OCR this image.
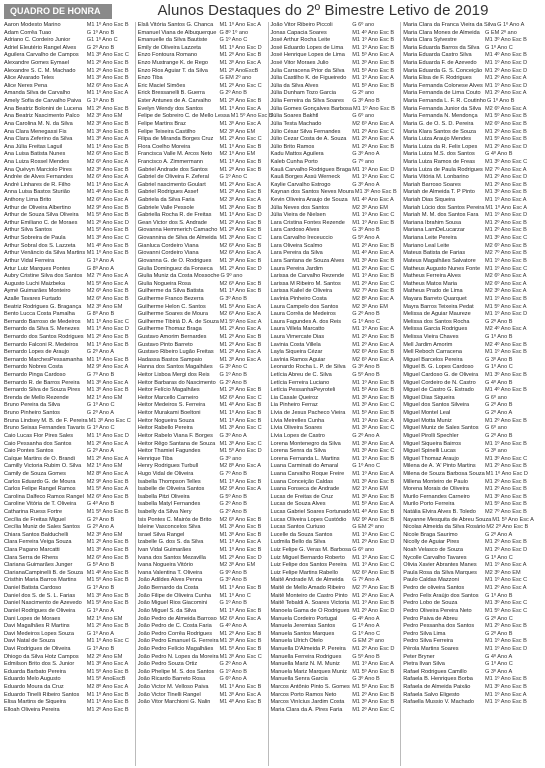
QUADRO DE HONRA	Alunos Destaques do 2º Bimestre Letivo de 2019
Aaron Modesto Marino	M1 1º Ano Esc B
Adam Corrêa Tuao	G 1º Ano B
Adriano C. Cordeiro Junior	G1 1º Ano C
Adriel Eleutério Rangel Alves	G 2º Ano B
Aguilera Carvalho de Campos	M1 3º Ano Esc C
Alexandre Gomes Eymael	M1 2º Ano Esc B
Alexandre S. C. M. Machado	M1 2º Ano Esc B
Alice Alvarado Teles	M1 3º Ano Esc B
Alice Neres Pena	M2 6º Ano Esc A
Amanda Silva de Carvalho	M1 1º Ano Esc A
Amely Sofia de Carvalho Paiva	G 1º Ano B
Ana Beatriz Bolonini de Lucena M1 2º Ano Esc B
Ana Beatriz Nascimento Palco	M2 3º Ano EM
Ana Carolina M. N. da Silva	M2 3º Ano Esc B
Ana Clara Menegassi Fis	M1 3º Ano Esc B
Ana Clara Zeferino da Silva	M1 3º Ano Esc A
Ana Júlia Freitas Laguil	M1 1º Ano Esc B
Ana Luisa Batista Nunes	M2 6º Ano Esc B
Ana Luiza Rossel Mendes	M2 6º Ano Esc A
Ana Quévyn Marciolo Pires	M2 3º Ano Esc B
Andrée de Alves Fernandes	M2 6º Ano Esc A
André Linhares de R. Filho	M1 1º Ano Esc A
Anna Luisa Bastos Sturião	M1 4º Ano Esc B
Anthony Lima Brito	M2 6º Ano Esc A
Arthur de Oliveira Albertino	M2 9º Ano Esc B
Arthur de Souza Silva Oliveira	M1 5º Ano Esc B
Arthur Emiliano C. de Moraes	M1 2º Ano Esc D
Arthur Silva Santos	M1 5º Ano Esc B
Arthur Sobreira de Paula	M1 3º Ano Esc C
Arthur Sobral dos S. Lazzeta	M1 4º Ano Esc B
Arthur Venâncio da Silva Martins M1 1º Ano Esc B
Arthur Vidal Ferreira	G 1º Ano A
Artur Luiz Marques Pontes	G 8º Ano A
Aubry Cristine Silva dos Santos M2 7º Ano Esc A
Augusto Luchi Maizbeka	M1 5º Ano Esc A
Aymé Guimarães Monteiro	M2 6º Ano Esc B
Azalle Tavares Furtado	M2 6º Ano Esc B
Beatriz Rodrigues G. Bragança M2 3º Ano EM
Bento Lucca Costa Pamalha	G 8º Ano B
Bernardo Barroso de Medeiros	M1 1º Ano Esc C
Bernardo da Silva S. Menezes	M1 1º Ano Esc D
Bernardo dos Santos Rodrigues M1 2º Ano Esc B
Bernardo Falconi R. Medeiros	M1 1º Ano Esc B
Bernardo Lopes de Araujo	G 2º Ano A
Bernardo MarchesPessamanha M1 1º Ano Esc B
Bernardo Nobres Costa	M2 9º Ano Esc A
Bernardo Pinga Cardoso	G 7º Ano B
Bernardo R. de Barros Pereira	M1 3º Ano Esc A
Bernardo Silva de Souza Pires	M1 3º Ano Esc B
Brenda de Mello Rezende	M2 1º Ano EM
Bruno Pereira da Silva	G 1º Ano C
Bruno Pinheiro Santos	G 2º Ano A
Bruna Lindsey M. B. de F. Pereira M1 3º Ano Esc C
Bruno Seixas Fernandes Tavaris G 1º Ano C
Caio Lucas Flor Pires Sales	M1 1º Ano Esc D
Caio Pessanha dos Santos	M1 2º Ano Esc A
Caio Pontes Santos	G 2º Ano A
Caíque Martins de O. Brandi	M1 2º Ano Esc A
Camilly Victoria Rubim O. Silva M2 1º Ano EM
Camily de Souza Gomes	M2 8º Ano Esc A
Carlos Eduardo G. de Moura	M2 9º Ano Esc B
Carlos Felipe Rangel Ramos	M1 5º Ano Esc A
Carolina Dalfeco Ramos Rangel M2 6º Ano Esc B
Caroline Vitória de T. Oliveira	G 4º Ano B
Catharina Ruess Fortre	M1 5º Ano Esc B
Cecília de Freitas Miguel	G 2º Ano B
Cecília Muniz de Sales Santos	G 2º Ano A
Chiara Santos Balduchelli	M2 3º Ano EM
Clara Ferreira Veiga Souza	M1 2º Ano Esc B
Clara Pagano Marcatti	M1 3º Ano Esc B
Clara Serra de Rhens	M2 6º Ano Esc B
Clariana Guimarães Junger	G 5º Ano B
ClarianaCampinelli B. de Souza M1 4º Ano Esc B
Cristhin Maria Barros Martins	M1 5º Ano Esc B
Daniel Batista Cardoso	G 1º Ano B
Daniel dos S. de S. L. Farias	M1 3º Ano Esc B
Daniel Nascimento de Azevedo M1 5º Ano Esc B
Daniel Rodrigues de Oliveira	G 1º Ano A
Dani Lopes de Moraes	M2 1º Ano EM
Davi Magalhães R Martins	M1 2º Ano Esc B
Davi Medeiros Lopes Souza	G 1º Ano A
Davi Natal de Souza	M1 1º Ano Esc C
Davi Rodrigues de Oliveira	G 1º Ano B
Dhiogo da Silva Hotz Campos	M2 2º Ano EM
Edmilson Brito dos S. Junior	M1 3º Ano Esc A
Eduarda Barbato Pereira	M1 5º Ano Esc B
Eduardo Melo Augusto	M1 5º AnoEscB
Eduardo Moura da Cruz	M2 8º Ano Esc A
Eduardo Tinelli Ribeiro Santos	M1 1º Ano Esc B
Elisa Martins de Siqueira	M1 1º Ano Esc B
Elloah Oliveira Pereira	M1 2º Ano Esc B
Elsã Vitória Santos G. Chanca	M1 1º Ano Esc A
Emanuel Viana de Albuquerque G 8º 1º ano
Emanuelle da Silva Bautiste	G 1º Ano C
Emily de Oliveira Lazzeta	M1 1º Ano Esc D
Enzo Fontoura Romano	M1 2º Ano Esc B
Enzo Mustrange K. de Rego	M1 3º Ano Esc A
Enzo Rios Aguiar T. da Silva	M1 2º AnoEscB
Enzo Tiba	G EM 2º ano
Eric Maciel Simões	M1 2º Ano Esc C
Erick Bressanelli B. Guerra	G 2º Ano B
Ester Antunes de A. Carvalho	M1 2º Ano Esc B
Evelyn Wendy dos Santos	M1 1º Ano Esc A
Felipe de Sobreiro C. de Mello Lessa M1 5º Ano Esc B
Felipe Martins Braz	M1 3º Ano Esc A
Felipe Teixeira Castilho	M2 3º Ano EM
Filipa de Miranda Borges Cruz	M1 2º Ano Esc C
Flora Coelho Moreira	M1 1º Ano Esc B
Francisca Valle M. Arcos Neto	M2 1º Ano EM
Francisco A. Zimmermann	M1 1º Ano Esc B
Gabriel Andrade dos Santos	M1 2º Ano Esc B
Gabriel de Oliveira F. Zeferal	G 1º Ano C
Gabriel nascimento Goulart	M1 2º Ano Esc A
Gabriel Rodrigues Assef	M1 2º Ano Esc B
Gabriela da Silva Faria	M2 3º Ano Esc A
Gabriele Valle Pessole	M1 3º Ano Esc B
Gabriella Rocha R. de Freitas	M1 1º Ano Esc D
Gean Victor dos S. Andrade	M1 2º Ano Esc B
Giovanna Hemmerich Camacho M1 2º Ano Esc B
Giovannina de Silva de Almeida M1 3º Ano Esc C
Gianluca Cordeiro Viana	M2 6º Ano Esc B
Giovanni Cordeiro Viana	M2 6º Ano Esc A
Giovanna G. de O. Rodrigues	M1 3º Ano Esc B
Giulia Dominguez da Fonseca	M1 2º Ano Esc D
Giulia Muniz da Costa Mossoche G 9º ano
Giulia Nogueira Rosa	M2 6º Ano Esc B
Guilherme da Silva Batista	M1 1º Ano Esc B
Guilherme Franco Bezerra	G 3º Ano B
Guilherme Helon C. Santos	M1 5º Ano Esc A
Guilherme Soares de Moura	M2 6º Ano Esc A
Guilherme Tibiriá D. A. de Souza M1 5º Ano Esc A
Guilherme Thomaz Braga	M1 2º Ano Esc A
Gustavo Amorim Bernardes	M1 2º Ano Esc B
Gustavo Pinto Barreto	M1 2º Ano Esc B
Gustavo Ribeiro Lugão Freitas	M1 2º Ano Esc A
Hadassa Bastos Sampaio	M1 3º Ano Esc A
Hanna dos Santos Magalhães	G 3º Ano C
Heitor Lisboa Mergi dos Reis	G 1º Ano B
Heitor Barbaras do Nascimento G 2º Ano B
Heitor Felício Magalhães	M1 2º Ano Esc B
Heitor Marcello Carneiro	M2 6º Ano Esc C
Heitor Medeiros S. Ferreira	M1 4º Ano Esc B
Heitor Murakami Boeltoni	M1 1º Ano Esc B
Heitor Nogueira Souza	M1 1º Ano Esc B
Heitor Rabello Pereira	M1 3º Ano Esc C
Heitor Rabelo Viana F. Borges	G 3º Ano A
Heitor Rêgo Santana de Souza M1 3º Ano Esc C
Heitor Thamiel Fagundes	M1 5º Ano Esc D
Henrique Tiba	G 3º ano
Henry Rodrigues Turbull	M2 8º Ano Esc A
Hugo Vidal de Oliveira	G 7º Ano B
Isabella Thompson Telles	M1 1º Ano Esc B
Isabelle de Oliveira Santos	M2 9º Ano Esc A
Isabella Pitzi Oliveira	G 5º Ano B
Isabella Matyl Fernandes	G 2º Ano B
Isabelly da Silva Nery	G 2º Ano B
Isis Pontes C. Mairós de Brito	M2 6º Ano Esc B
Isleine Vasconcelos Silva	M1 3º Ano Esc B
Israel Silva Rangel	M1 3º Ano Esc B
Izabelle G. dos S. da Silva	M1 1º Ano Esc A
Ivan Vidal Guimarães	M1 1º Ano Esc B
Ivana dos Santos Mezavilla	M1 2º Ano Esc D
Ivana Nogueira Vitório	M2 3º Ano EM
Ivana Valentina T. Oliveira	G 9º Ano B
João Adildes Alves Penna	G 3º Ano B
João Bernardo da Costa	M1 1º Ano Esc B
João Filipe de Oliveira Cunha	M1 1º Ano C
João Miguel Rios Giacomini	G 1º Ano B
João Miguel S. da Silva	M1 1º Ano Esc B
João Pedro de Almeida Barroso M2 6º Ano Esc A
João Pedro de C. Costa Faria	G 4º Ano A
João Pedro Corrêa Rodrigues	M1 2º Ano Esc B
João Pedro Emanuel G. Ferreira M1 3º Ano Esc B
João Pedro Felício Magalhães	M1 5º Ano Esc B
João Pedro N. Lopes da Moreira M1 3º Ano Esc C
João Pedro Souza Ortiz	G 2º Ano A
João Phelipe M. S. dos Santos G 1º Ano B
João Ricardo Barreto Rosa	G 6º Ano A
João Victor M. Velloso Paiva	M1 1º Ano Esc B
João Victor Tinelli Rangel	M1 3º Ano Esc A
João Vitor Marchioni G. Nalin	M1 4º Ano Esc B
João Vitor Ribeiro Piccoli	G 6º ano
Jonas Capacia Soares	M1 4º Ano Esc B
José Arthur Rocha Leite	M1 1º Ano Esc B
José Eduardo Lopes de Lima	M1 1º Ano Esc B
José Henrique Lopes de Lima	M1 5º Ano Esc A
José Vitor Moraes Julio	M1 3º Ano Esc B
Julia Carracena Prior da Silva	M1 5º Ano Esc B
Júlia Castilho K. de Figueiredo	M1 1º Ano Esc A
Júlia da Silva Alves	M1 5º Ano Esc B
Júlia Dunham Tozo Garcia	G 2º ano
Júlia Ferreira da Silva Soares	G 3º Ano B
Júlia Gomes Gonçalves Barbosa M1 1º Ano Esc B
Júlia Soares Bakhtl	G 6º ano
Júlia Testa Machado	M2 6º Ano Esc A
Júlio César Silva Fernandes	M1 2º Ano Esc C
Júlio Cezar Costa de A. Souza	M1 2º Ano Esc A
Júlio Brito Ramos	M1 2º Ano Esc B
Kadu Mattos Aguilera	G 3º Ano A
Kaleb Cunha Porto	G 7º ano
Kauã Carvalho Rodrigues Braga M1 1º Ano Esc D
Kauã Borges Assú Werneck	M1 1º Ano Esc C
Kaylie Carvalho Estrogo	G 3º Ano A
Kaynan dos Santos Neves Moura M1 3º Ano Esc B
Kevin Oliveira Araujo de Souza M1 4º Ano Esc A
Júlia Neves dos Santos	M2 3º Ano EM
Júlia Vieira de Nielsen	M1 1º Ano Esc C
Lara Cristina Fontes Rezende	M1 1º Ano Esc B
Lara Cardoso Alves	G 3º Ano B
Lara Carvalho Ireceuccio	G 5º Ano A
Lara Oliveira Scalmo	M1 2º Ano Esc B
Lara Pereira da Silva	M1 4º Ano Esc A
Lara Santana de Souza Alves	M1 3º Ano Esc B
Laura Pereira Jardim	M1 2º Ano Esc C
Larissa de Carvalho Rezende	M1 1º Ano Esc B
Larissa M Ribeiro M. Santos	M1 2º Ano Esc C
Larissa Kailel de Oliveira	M2 7º Ano Esc B
Lavínia Pinheiro Costa	M2 8º Ano Esc A
Laura Campelo dos Santos	M2 3º Ano EM
Laura Corrêa de Medeiros	G 2º Ano B
Laura Fagundes A. dos Reis	G 1º Ano C
Laura Villela Marcatto	M1 1º Ano Esc A
Laura Vimercate Dias	M1 2º Ano Esc B
Lavinia Costa Villela	M1 2º Ano Esc A
Layla Siqueira Cézar	M2 6º Ano Esc B
Lavínia Ramos Aguiar	M2 6º Ano Esc A
Leonardo Rocha L. P. de Silva	G 3º Ano B
Letícia Abreu de C. Silva	G 5º Ano B
Letícia Ferreira Luciano	M1 1º Ano Esc B
Letícia PessanhaPeyroteli	M1 5º Ano Esc B
Lia Casale Queiroz	M1 3º Ano Esc B
Lia Pinheiro Ferraz	M1 3º Ano Esc C
Lívia de Jesus Pacheco Vieira	M1 5º Ano Esc B
Lívia Meirelles Cunha	M1 1º Ano Esc A
Lívia Oliveira Soares	M1 3º Ano Esc C
Lívia Lopes de Castro	G 2º Ano A
Lorena Montenegro da Silva	M1 3º Ano Esc A
Lorena Senra da Silva	M1 3º Ano Esc C
Lorena Fernanda L. Martins	M1 1º Ano Esc B
Luana Carminati do Amaral	G 1º Ano C
Luana Carvalho Roque Freire	M1 1º Ano Esc A
Luana Conceição Caldas	M1 3º Ano Esc B
Luana Fonseca de Andrade	M2 1º Ano EM
Lucas de Freitas de Cruz	M1 3º Ano Esc B
Lucas de Souza Alves	M1 5º Ano Esc A
Lucas Gabriel Soares Fortunado M1 4º Ano Esc B
Lucas Oliveira Lopes Custódio	M2 9º Ano Esc B
Lucas Santos Curiuso	G EM 2º ano
Lucelle da Souza Santos	M1 1º Ano Esc C
Ludmila Bello da Silva	M1 2º Ano Esc D
Luiz Felipe G. Veras M. Barbosa G 6º ano
Luiz Miguel Bernardo Roberto	M1 1º Ano Esc C
Luiz Felipe dos Santos Pereira M1 1º Ano Esc C
Luiz Felipe Martins Rabello	M2 6º Ano Esc B
Maitê Andrade M. de Almeida	G 7º Ano A
Maitê de Mello Amado Ribeiro	M2 7º Ano Esc B
Maitê Monteiro de Castro Pinto M1 2º Ano Esc A
Maitê Tebaldi A. Soares Victoria M1 1º Ano Esc B
Manoela Gama de O Rodrigues M1 2º Ano Esc D
Manuela Cordeiro Portugal	G 4º Ano A
Manuela Jeremias Santos	G 1º Ano A
Manuela Santos Marques	G 1º Ano C
Manuela Ulrich Otelo	G EM 2º ano
Manuella D'Almeida P. Pereira	M1 2º Ano Esc D
Manuella Ferreira Rodrigues	G 5º Ano B
Manuella Mariz N. M. Muniz	M1 1º Ano Esc A
Manuela Mariz Marques Muniz M1 5º Ano Esc B
Manuella Senra Garcia	G 3º Ano B
Marcos Antônio Pinto S. Gomes M1 5º Ano Esc B
Marcos Porto Ramos Neto	M1 2º Ano Esc B
Marcos Vinícius Jardim Costa	M1 3º Ano Esc B
Maria Clara da A. Pires Faria	M1 2º Ano Esc C
Maria Clara da Franca Vieira da Silva G 1º Ano A
Maria Clara Mones de Almeida G EM 2º ano
Maria Clara Sylvestre	M1 3º Ano Esc B
Maria Eduarda Barros da Silva G 1º Ano C
Maria Eduarda Castro Silva	M1 4º Ano Esc B
Maria Eduarda F. de Azevedo	M1 1º Ano Esc D
Maria Eduarda G. S. Conceição M1 2º Ano Esc D
Maria Elisa de F. Rodrigues	M1 2º Ano Esc A
Maria Fernanda Colonese Alves M1 1º Ano Esc D
Maria Fernanda de Lima Couto M1 2º Ano Esc A
Maria Fernanda L. F. R. Coutinho G 1º Ano B
Maria Fernanda Junior da Silva M2 6º Ano Esc A
Maria Fernanda N. Mendonça	M1 5º Ano Esc B
Maria G. de O. S. D. Pereira	M2 6º Ano Esc B
Maria Klara Santos de Souza	M1 2º Ano Esc B
Maria Luiza Araujo Mendes	M1 5º Ano Esc B
Maria Luiza da R. Felix Lopes	M1 2º Ano Esc D
Maria Luiza M.S. dos Santos	G 4º Ano B
Maria Luiza Ramos de Freas	M1 3º Ano Esc C
Maria Luiza de Paula Rodrigues M2 7º Ano Esc A
Maria Vitória M. Lonbarino	M1 2º Ano Esc D
Mariah Barroso Soares	M1 2º Ano Esc B
Mariah de Almeida T. P Pinto	M1 3º Ano Esc B
Mariah Dias Siqueira	M1 1º Ano Esc A
Mariah Lúcio dos Santos Pereira M1 1º Ano Esc A
Mariah M. M. dos Santos Fara	M1 1º Ano Esc D
Mariana Ibrahim Sousa	M1 2º Ano Esc B
Mariana LamDeLucarzar	M1 2º Ano Esc B
Mariana Leite Pereira	M1 3º Ano Esc C
Mariano Leal Leite	M2 6º Ano Esc B
Mateus Batista de Farias	M2 7º Ano Esc B
Mateus Magalhães Salvatore	M1 1º Ano Esc B
Matheus Augusto Nunes Fonte M1 1º Ano Esc C
Matheus Ferreira Alves	M2 6º Ano Esc A
Matheus Matos Maria	M2 6º Ano Esc A
Matheus Prado de Lima	M2 3º Ano Esc A
Mayara Barreto Quarquet	M1 1º Ano Esc B
Mayra Barros Teixeira Pedat	M1 5º Ano Esc A
Melissa de Aguiar Maureze	M1 1º Ano Esc D
Melissa dos Santos Rocha	G 2º Ano B
Melissa Garcia Rodrigues	M2 4º Ano Esc A
Melissa Vieira Chaves	G 1º Ano B
Mell Jardim Amorim	M2 4º Ano Esc B
Mell Reboch Carracena	M1 1º Ano Esc B
Miguel Barcelos Pereira	G 3º Ano B
Miguel B. G. Lopes Cardoso	G 1º Ano C
Miguel Cardoso G. de Oliveira	M1 3º Ano Esc B
Miguel Cordeiro de N. Castro	G 4º Ano B
Miguel de Castro G. Estrado	M1 4º Ano Esc B
Miguel Dias Siqueira	G 6º ano
Miguel dos Santos Silveira	G 2º Ano B
Miguel Montel Leal	G 2º Ano A
Miguel Motta Muniz	M1 2º Ano Esc B
Miguel Muniz de Sales Santos	G 6º ano
Miguel Pirolli Spechler	G 2º Ano B
Miguel Siqueira Bairros	M1 1º Ano Esc B
Miguel Spinelli Lucas	G 3º ano
Miguel Thomaz Araujo	M1 3º Ano Esc C
Milena de A. 'A' Pinto Martins	M1 2º Ano Esc B
Milena de Souza Barbosa Souza M1 1º Ano Esc D
Millena Monteiro de Paulo	M1 2º Ano Esc B
Morena Morais de Oliveira	M1 2º Ano Esc B
Murilo Fernandes Carneiro	M1 3º Ano Esc B
Murilo Porto Ferreira	M1 5º Ano Esc B
Natália Elvira Alves B. Toledo	M2 7º Ano Esc B
Nayanne Mesquita de Abreu Souza M1 5º Ano Esc A
Nicolas Almeida da Silva Rosário M2 2º Ano Esc B
Nicole Braga Saurimo	G 2º Ano A
Nicolly de Aguiar Pires	M1 2º Ano Esc B
Noah Velasco de Souza	M1 2º Ano Esc D
Nycolle Carvalho Tavares	G 1º Ano C
Olivia Xavier Abrantes Manes	M1 1º Ano Esc A
Paula Rosa da Silva Marques	M2 3º Ano EM
Paulo Caldas Mazzoni	M1 1º Ano Esc C
Pedro de oliveira Santos	M1 2º Ano Esc A
Pedro Felix Araújo dos Santos	G 1º Ano B
Pedro Lobo de Souza	M1 3º Ano Esc C
Pedro Oliveira Pereira Neto	M1 5º Ano Esc C
Pedro Paiva de Abreu	G 2º Ano C
Pedro Pessanha dos Santos	M1 2º Ano Esc B
Pedro Silva Lima	G 2º Ano B
Pedro Silva Ferreira	M1 1º Ano Esc B
Pérola Martins Soares	M1 1º Ano Esc D
Peter Bryner	G 4º Ano A
Pietra Ilvan Silva	G 1º Ano C
Rafael Rodrigues Camillo	G 3º Ano A
Rafaela B. Henriques Borba	M1 1º Ano Esc B
Rafaela de Almeida Paixão	M1 3º Ano Esc B
Rafaela Salvo Eligesto	M1 1º Ano Esc A
Rafaella Mussio V. Machado	M1 1º Ano Esc B
